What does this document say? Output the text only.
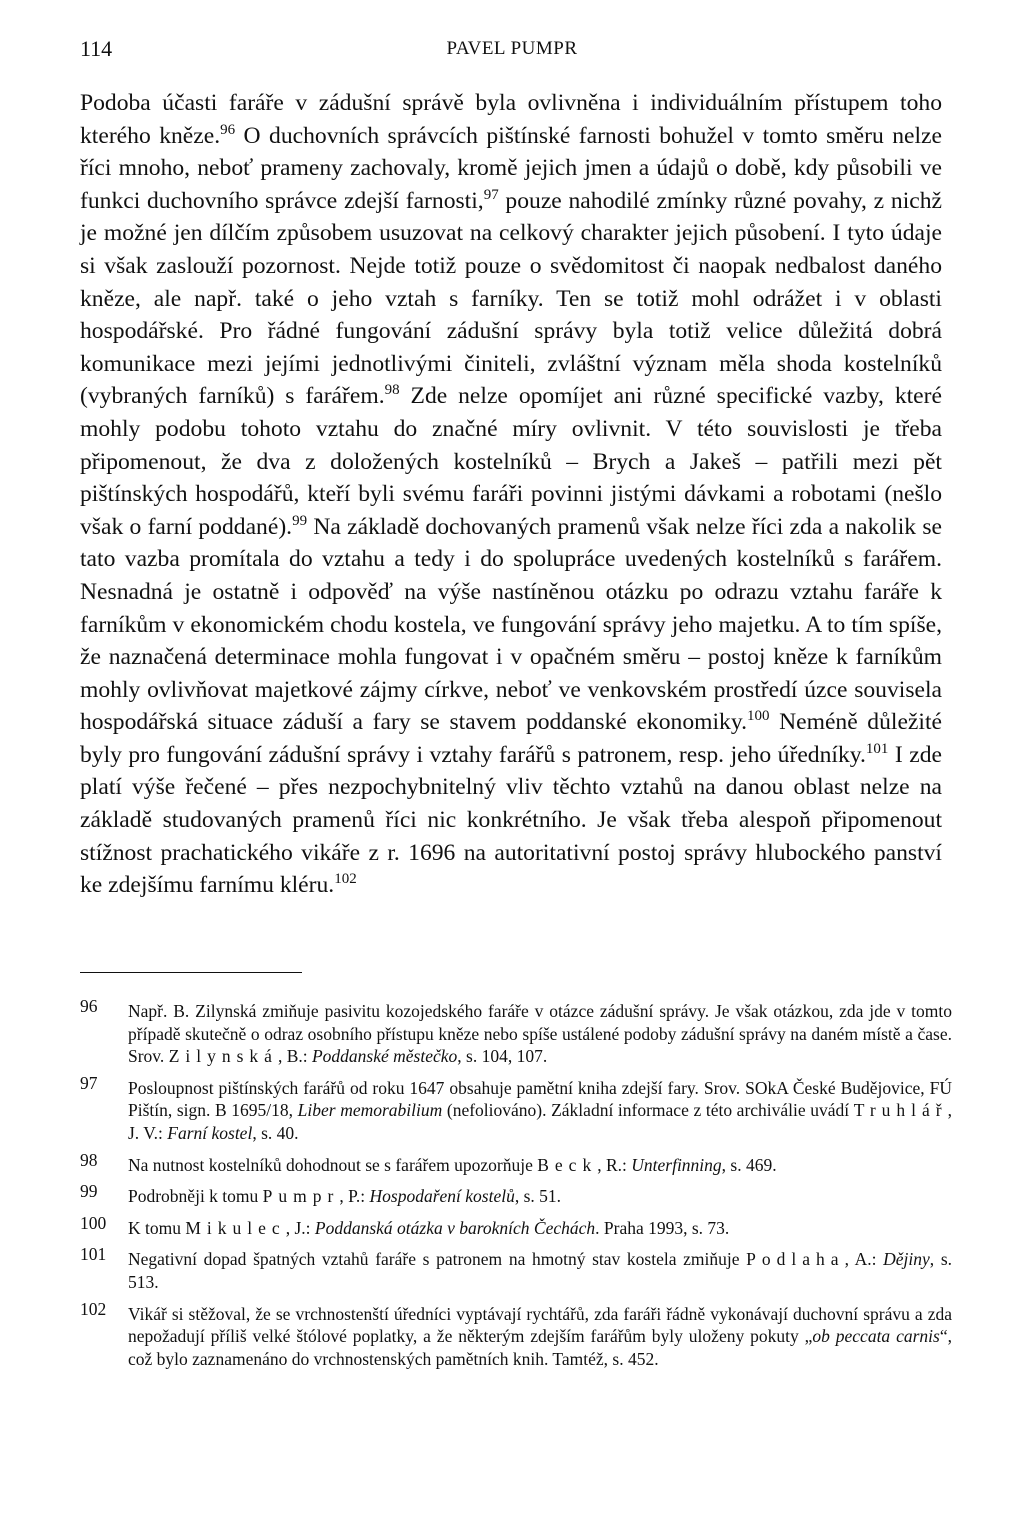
114	PAVEL PUMPR

Podoba účasti faráře v zádušní správě byla ovlivněna i individuálním přístupem toho kterého kněze.$^{96}$ O duchovních správcích pištínské farnosti bohužel v tomto směru nelze říci mnoho, neboť prameny zachovaly, kromě jejich jmen a údajů o době, kdy působili ve funkci duchovního správce zdejší farnosti,$^{97}$ pouze nahodilé zmínky různé povahy, z nichž je možné jen dílčím způsobem usuzovat na celkový charakter jejich působení. I tyto údaje si však zaslouží pozornost. Nejde totiž pouze o svědomitost či naopak nedbalost daného kněze, ale např. také o jeho vztah s farníky. Ten se totiž mohl odrážet i v oblasti hospodářské. Pro řádné fungování zádušní správy byla totiž velice důležitá dobrá komunikace mezi jejími jednotlivými činiteli, zvláštní význam měla shoda kostelníků (vybraných farníků) s farářem.$^{98}$ Zde nelze opomíjet ani různé specifické vazby, které mohly podobu tohoto vztahu do značné míry ovlivnit. V této souvislosti je třeba připomenout, že dva z doložených kostelníků – Brych a Jakeš – patřili mezi pět pištínských hospodářů, kteří byli svému faráři povinni jistými dávkami a robotami (nešlo však o farní poddané).$^{99}$ Na základě dochovaných pramenů však nelze říci zda a nakolik se tato vazba promítala do vztahu a tedy i do spolupráce uvedených kostelníků s farářem. Nesnadná je ostatně i odpověď na výše nastíněnou otázku po odrazu vztahu faráře k farníkům v ekonomickém chodu kostela, ve fungování správy jeho majetku. A to tím spíše, že naznačená determinace mohla fungovat i v opačném směru – postoj kněze k farníkům mohly ovlivňovat majetkové zájmy církve, neboť ve venkovském prostředí úzce souvisela hospodářská situace záduší a fary se stavem poddanské ekonomiky.$^{100}$ Neméně důležité byly pro fungování zádušní správy i vztahy farářů s patronem, resp. jeho úředníky.$^{101}$ I zde platí výše řečené – přes nezpochybnitelný vliv těchto vztahů na danou oblast nelze na základě studovaných pramenů říci nic konkrétního. Je však třeba alespoň připomenout stížnost prachatického vikáře z r. 1696 na autoritativní postoj správy hlubockého panství ke zdejšímu farnímu kléru.$^{102}$

96 Např. B. Zilynská zmiňuje pasivitu kozojedského faráře v otázce zádušní správy. Je však otázkou, zda jde v tomto případě skutečně o odraz osobního přístupu kněze nebo spíše ustálené podoby zádušní správy na daném místě a čase. Srov. Zilynská, B.: Poddanské městečko, s. 104, 107.
97 Posloupnost pištínských farářů od roku 1647 obsahuje pamětní kniha zdejší fary. Srov. SOkA České Budějovice, FÚ Pištín, sign. B 1695/18, Liber memorabilium (nefoliováno). Základní informace z této archiválie uvádí Truhlář, J. V.: Farní kostel, s. 40.
98 Na nutnost kostelníků dohodnout se s farářem upozorňuje Beck, R.: Unterfinning, s. 469.
99 Podrobněji k tomu Pumpr, P.: Hospodaření kostelů, s. 51.
100 K tomu Mikulec, J.: Poddanská otázka v barokních Čechách. Praha 1993, s. 73.
101 Negativní dopad špatných vztahů faráře s patronem na hmotný stav kostela zmiňuje Podlaha, A.: Dějiny, s. 513.
102 Vikář si stěžoval, že se vrchnostenští úředníci vyptávají rychtářů, zda faráři řádně vykonávají duchovní správu a zda nepožadují příliš velké štólové poplatky, a že některým zdejším farářům byly uloženy pokuty „ob peccata carnis“, což bylo zaznamenáno do vrchnostenských pamětních knih. Tamtéž, s. 452.
